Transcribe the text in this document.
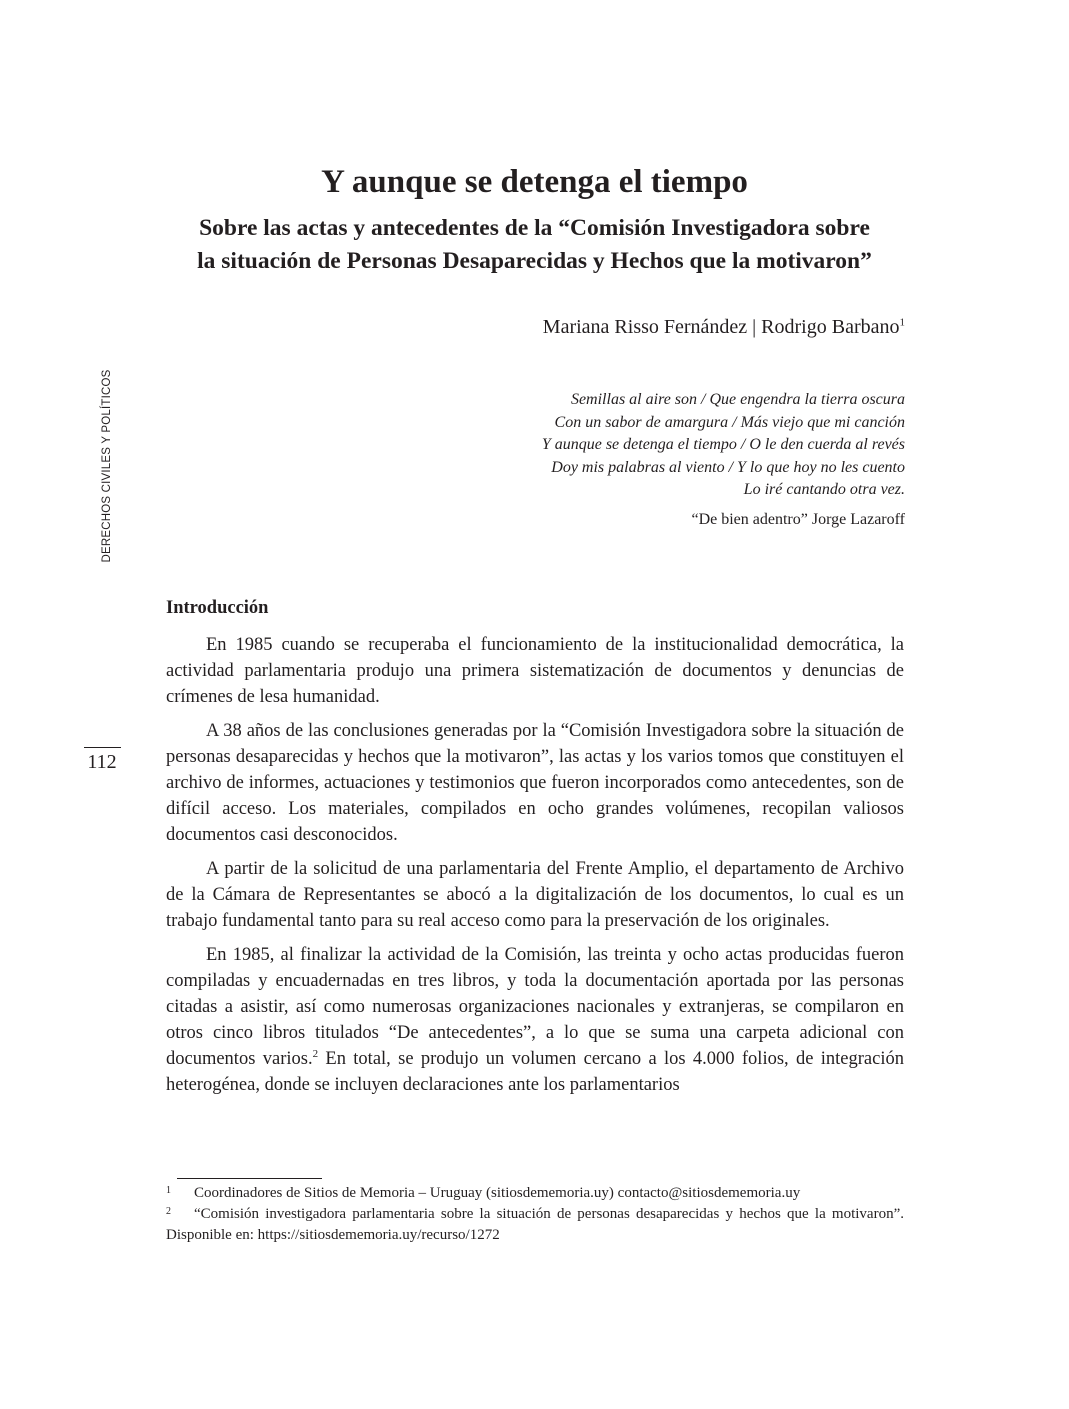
Y aunque se detenga el tiempo
Sobre las actas y antecedentes de la “Comisión Investigadora sobre
la situación de Personas Desaparecidas y Hechos que la motivaron”
Mariana Risso Fernández | Rodrigo Barbano$^1$
Semillas al aire son / Que engendra la tierra oscura
Con un sabor de amargura / Más viejo que mi canción
Y aunque se detenga el tiempo / O le den cuerda al revés
Doy mis palabras al viento / Y lo que hoy no les cuento
Lo iré cantando otra vez.
“De bien adentro” Jorge Lazaroff
DERECHOS CIVILES Y POLÍTICOS
112
Introducción

En 1985 cuando se recuperaba el funcionamiento de la institucionalidad democrática, la actividad parlamentaria produjo una primera sistematización de documentos y denuncias de crímenes de lesa humanidad.

A 38 años de las conclusiones generadas por la “Comisión Investigadora sobre la situación de personas desaparecidas y hechos que la motivaron”, las actas y los varios tomos que constituyen el archivo de informes, actuaciones y testimonios que fueron incorporados como antecedentes, son de difícil acceso. Los materiales, compilados en ocho grandes volúmenes, recopilan valiosos documentos casi desconocidos.

A partir de la solicitud de una parlamentaria del Frente Amplio, el departamento de Archivo de la Cámara de Representantes se abocó a la digitalización de los documentos, lo cual es un trabajo fundamental tanto para su real acceso como para la preservación de los originales.

En 1985, al finalizar la actividad de la Comisión, las treinta y ocho actas producidas fueron compiladas y encuadernadas en tres libros, y toda la documentación aportada por las personas citadas a asistir, así como numerosas organizaciones nacionales y extranjeras, se compilaron en otros cinco libros titulados “De antecedentes”, a lo que se suma una carpeta adicional con documentos varios.$^2$ En total, se produjo un volumen cercano a los 4.000 folios, de integración heterogénea, donde se incluyen declaraciones ante los parlamentarios

1 Coordinadores de Sitios de Memoria – Uruguay (sitiosdememoria.uy) contacto@sitiosdememoria.uy
2 “Comisión investigadora parlamentaria sobre la situación de personas desaparecidas y hechos que la motivaron”. Disponible en: https://sitiosdememoria.uy/recurso/1272
